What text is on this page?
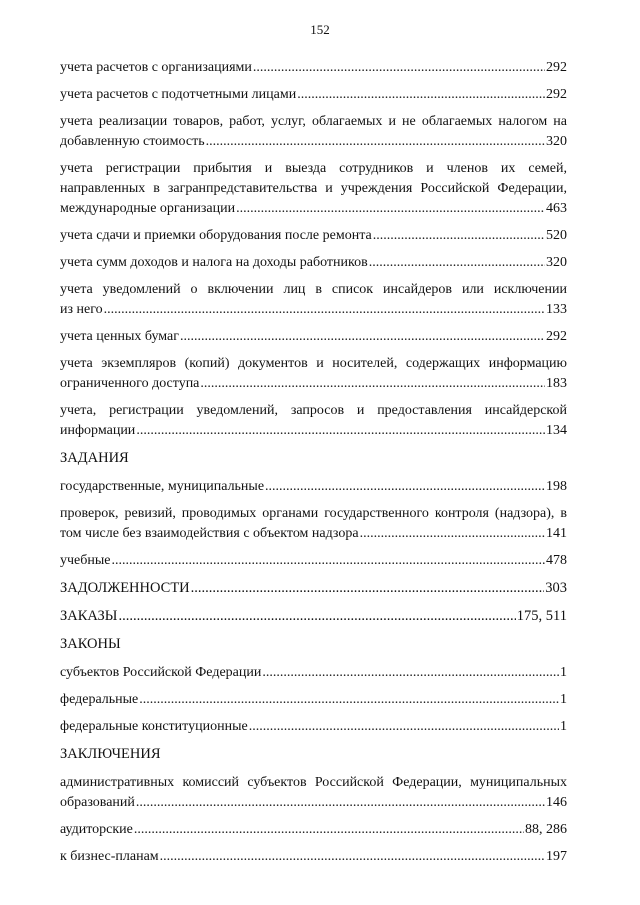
152
учета расчетов с организациями .....	292
учета расчетов с подотчетными лицами .....	292
учета реализации товаров, работ, услуг, облагаемых и не облагаемых налогом на
добавленную стоимость .....	320
учета регистрации прибытия и выезда сотрудников и членов их семей, направленных в загранпредставительства и учреждения Российской Федерации,
международные организации .....	463
учета сдачи и приемки оборудования после ремонта .....	520
учета сумм доходов и налога на доходы работников .....	320
учета уведомлений о включении лиц в список инсайдеров или исключении
из него .....	133
учета ценных бумаг .....	292
учета экземпляров (копий) документов и носителей, содержащих информацию
ограниченного доступа .....	183
учета, регистрации уведомлений, запросов и предоставления инсайдерской
информации .....	134
ЗАДАНИЯ
государственные, муниципальные .....	198
проверок, ревизий, проводимых органами государственного контроля (надзора), в
том числе без взаимодействия с объектом надзора .....	141
учебные .....	478
ЗАДОЛЖЕННОСТИ .....	303
ЗАКАЗЫ .....	175, 511
ЗАКОНЫ
субъектов Российской Федерации .....	1
федеральные .....	1
федеральные конституционные .....	1
ЗАКЛЮЧЕНИЯ
административных комиссий субъектов Российской Федерации, муниципальных
образований .....	146
аудиторские .....	88, 286
к бизнес-планам .....	197
